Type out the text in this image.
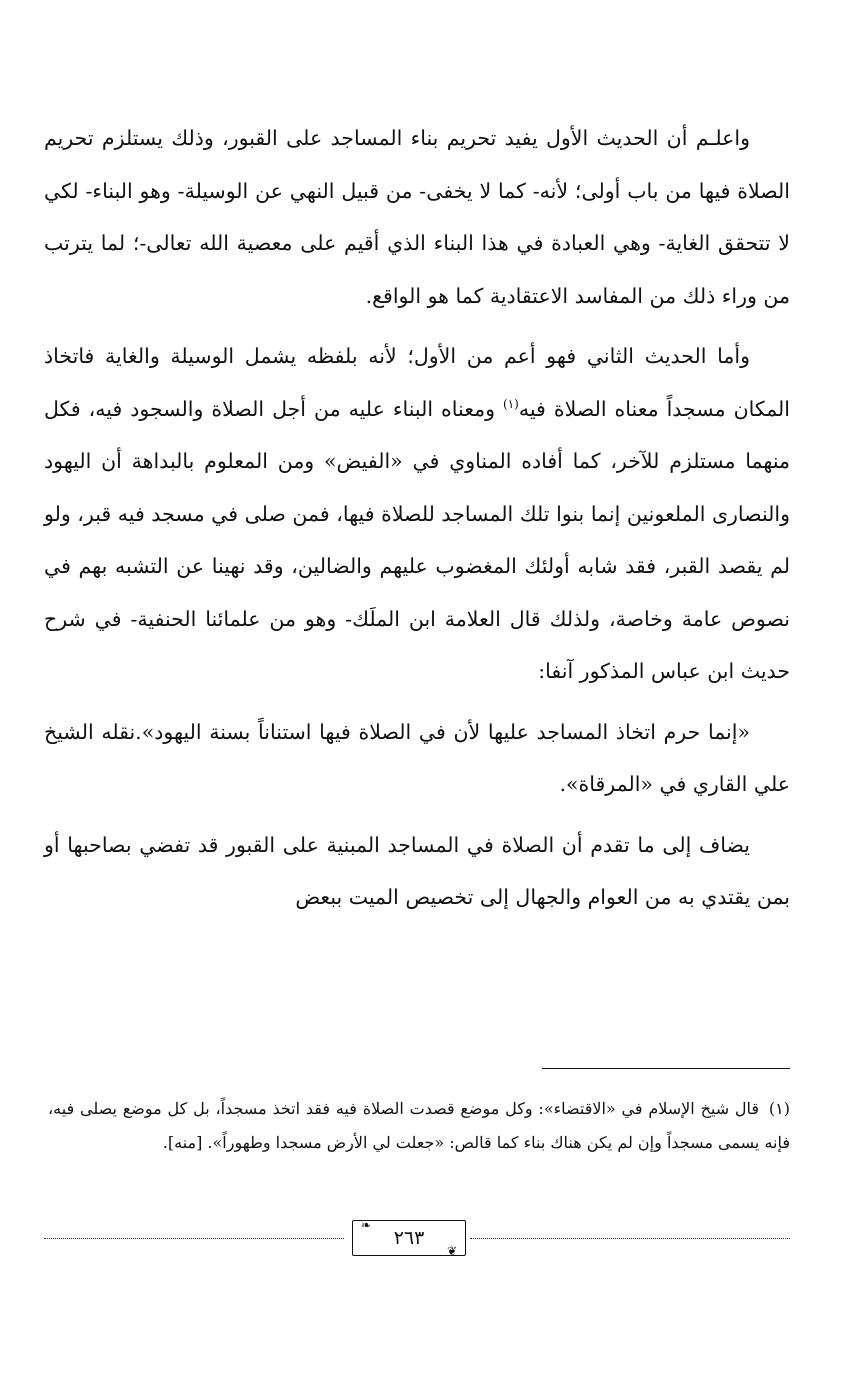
واعلـم أن الحديث الأول يفيد تحريم بناء المساجد على القبور، وذلك يستلزم تحريم الصلاة فيها من باب أولى؛ لأنه- كما لا يخفى- من قبيل النهي عن الوسيلة- وهو البناء- لكي لا تتحقق الغاية- وهي العبادة في هذا البناء الذي أقيم على معصية الله تعالى-؛ لما يترتب من وراء ذلك من المفاسد الاعتقادية كما هو الواقع.

وأما الحديث الثاني فهو أعم من الأول؛ لأنه بلفظه يشمل الوسيلة والغاية فاتخاذ المكان مسجداً معناه الصلاة فيه$^{(١)}$ ومعناه البناء عليه من أجل الصلاة والسجود فيه، فكل منهما مستلزم للآخر، كما أفاده المناوي في «الفيض» ومن المعلوم بالبداهة أن اليهود والنصارى الملعونين إنما بنوا تلك المساجد للصلاة فيها، فمن صلى في مسجد فيه قبر، ولو لم يقصد القبر، فقد شابه أولئك المغضوب عليهم والضالين، وقد نهينا عن التشبه بهم في نصوص عامة وخاصة، ولذلك قال العلامة ابن الملَك- وهو من علمائنا الحنفية- في شرح حديث ابن عباس المذكور آنفا:

«إنما حرم اتخاذ المساجد عليها لأن في الصلاة فيها استناناً بسنة اليهود».نقله الشيخ علي القاري في «المرقاة».

يضاف إلى ما تقدم أن الصلاة في المساجد المبنية على القبور قد تفضي بصاحبها أو بمن يقتدي به من العوام والجهال إلى تخصيص الميت ببعض

(١) قال شيخ الإسلام في «الاقتضاء»: وكل موضع قصدت الصلاة فيه فقد اتخذ مسجداً، بل كل موضع يصلى فيه، فإنه يسمى مسجداً وإن لم يكن هناك بناء كما قالص: «جعلت لي الأرض مسجدا وطهوراً». [منه].
❧
٢٦٣
❦
